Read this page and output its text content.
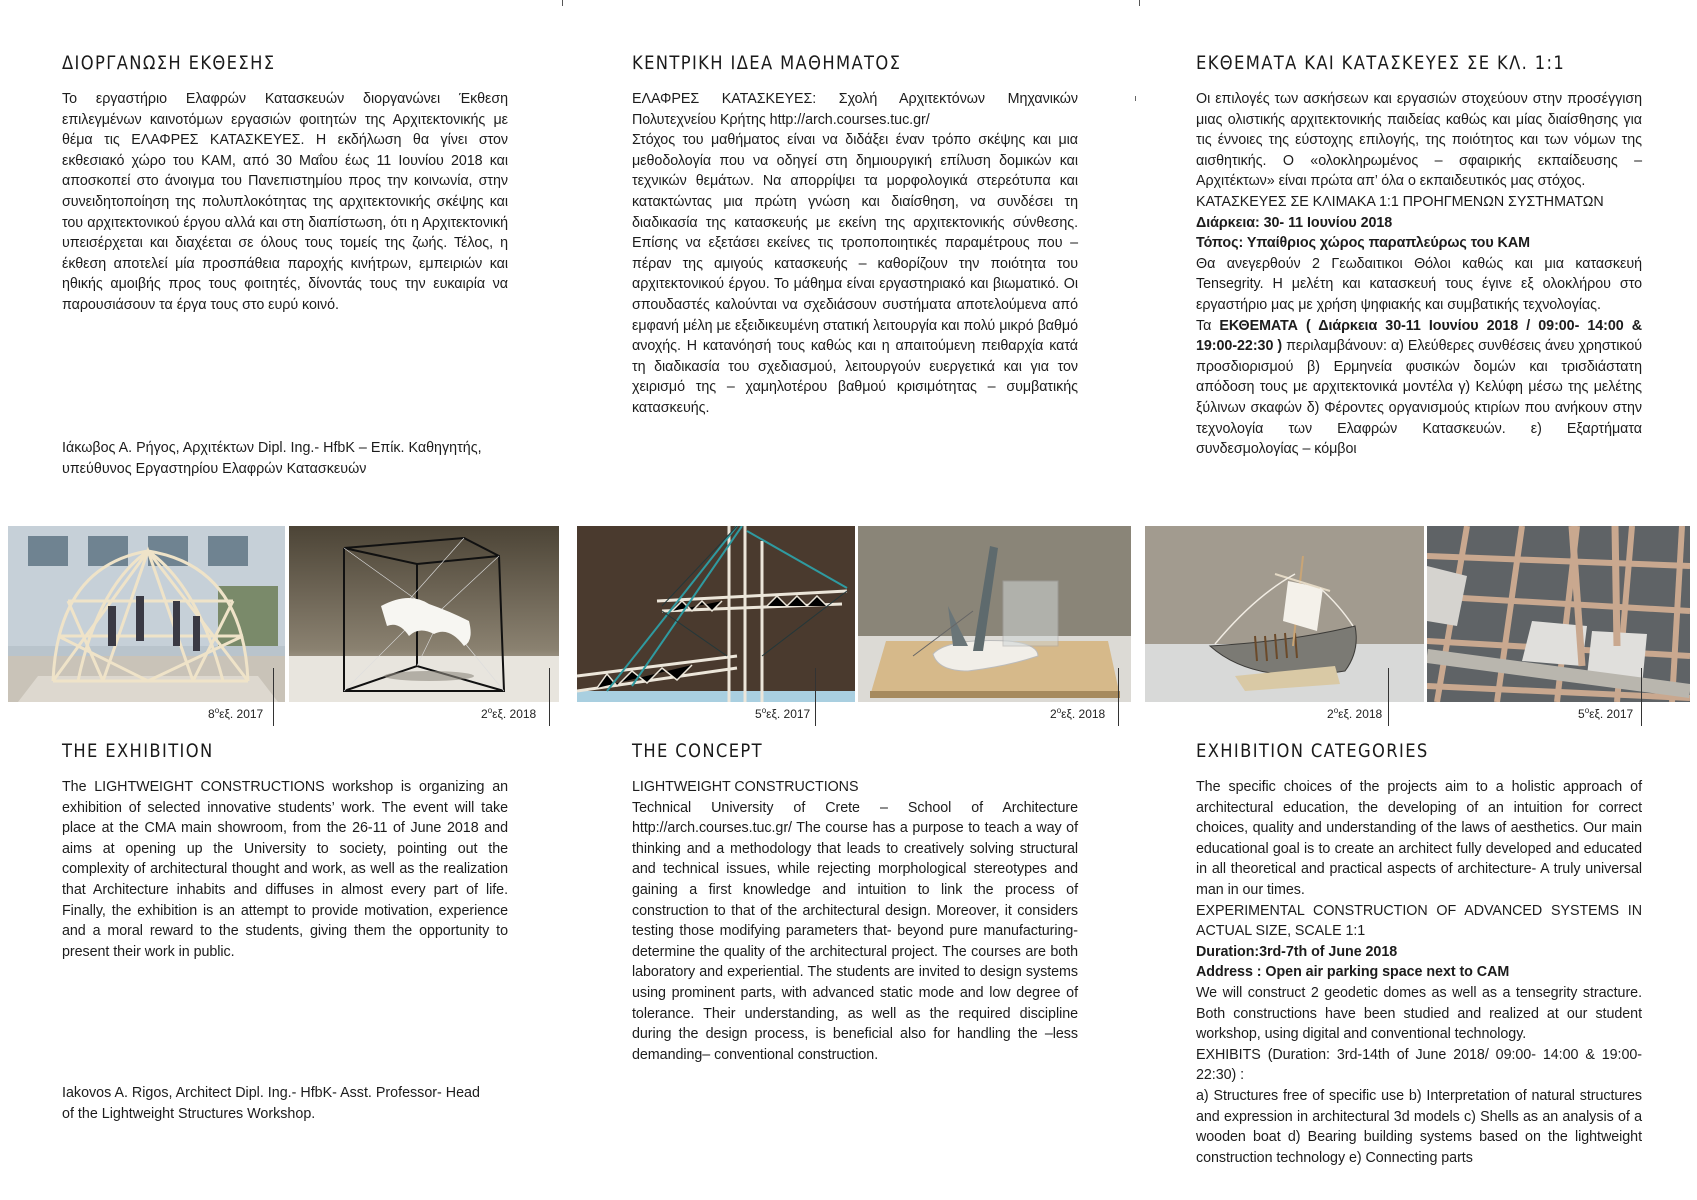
ΔΙΟΡΓΑΝΩΣΗ ΕΚΘΕΣΗΣ

Το εργαστήριο Ελαφρών Κατασκευών διοργανώνει Έκθεση επιλεγμένων καινοτόμων εργασιών φοιτητών της Αρχιτεκτονικής με θέμα τις ΕΛΑΦΡΕΣ ΚΑΤΑΣΚΕΥΕΣ. Η εκδήλωση θα γίνει στον εκθεσιακό χώρο του ΚΑΜ, από 30 Μαΐου έως 11 Ιουνίου 2018 και αποσκοπεί στο άνοιγμα του Πανεπιστημίου προς την κοινωνία, στην συνειδητοποίηση της πολυπλοκότητας της αρχιτεκτονικής σκέψης και του αρχιτεκτονικού έργου αλλά και στη διαπίστωση, ότι η Αρχιτεκτονική υπεισέρχεται και διαχέεται σε όλους τους τομείς της ζωής. Τέλος, η έκθεση αποτελεί μία προσπάθεια παροχής κινήτρων, εμπειριών και ηθικής αμοιβής προς τους φοιτητές, δίνοντάς τους την ευκαιρία να παρουσιάσουν τα έργα τους στο ευρύ κοινό.

Ιάκωβος Α. Ρήγος, Αρχιτέκτων Dipl. Ing.- HfbK – Επίκ. Καθηγητής,
υπεύθυνος Εργαστηρίου Ελαφρών Κατασκευών
ΚΕΝΤΡΙΚΗ ΙΔΕΑ ΜΑΘΗΜΑΤΟΣ

ΕΛΑΦΡΕΣ ΚΑΤΑΣΚΕΥΕΣ: Σχολή Αρχιτεκτόνων Μηχανικών Πολυτεχνείου Κρήτης http://arch.courses.tuc.gr/

Στόχος του μαθήματος είναι να διδάξει έναν τρόπο σκέψης και μια μεθοδολογία που να οδηγεί στη δημιουργική επίλυση δομικών και τεχνικών θεμάτων. Να απορρίψει τα μορφολογικά στερεότυπα και κατακτώντας μια πρώτη γνώση και διαίσθηση, να συνδέσει τη διαδικασία της κατασκευής με εκείνη της αρχιτεκτονικής σύνθεσης. Επίσης να εξετάσει εκείνες τις τροποποιητικές παραμέτρους που – πέραν της αμιγούς κατασκευής – καθορίζουν την ποιότητα του αρχιτεκτονικού έργου. Το μάθημα είναι εργαστηριακό και βιωματικό. Οι σπουδαστές καλούνται να σχεδιάσουν συστήματα αποτελούμενα από εμφανή μέλη με εξειδικευμένη στατική λειτουργία και πολύ μικρό βαθμό ανοχής. Η κατανόησή τους καθώς και η απαιτούμενη πειθαρχία κατά τη διαδικασία του σχεδιασμού, λειτουργούν ευεργετικά και για τον χειρισμό της – χαμηλοτέρου βαθμού κρισιμότητας – συμβατικής κατασκευής.

ΕΚΘΕΜΑΤΑ ΚΑΙ ΚΑΤΑΣΚΕΥΕΣ ΣΕ ΚΛ. 1:1

Οι επιλογές των ασκήσεων και εργασιών στοχεύουν στην προσέγγιση μιας ολιστικής αρχιτεκτονικής παιδείας καθώς και μίας διαίσθησης για τις έννοιες της εύστοχης επιλογής, της ποιότητος και των νόμων της αισθητικής. Ο «ολοκληρωμένος – σφαιρικής εκπαίδευσης – Αρχιτέκτων» είναι πρώτα απ’ όλα ο εκπαιδευτικός μας στόχος.

ΚΑΤΑΣΚΕΥΕΣ ΣΕ ΚΛΙΜΑΚΑ 1:1 ΠΡΟΗΓΜΕΝΩΝ ΣΥΣΤΗΜΑΤΩΝ

Διάρκεια: 30- 11 Ιουνίου 2018

Τόπος: Υπαίθριος χώρος παραπλεύρως του ΚΑΜ

Θα ανεγερθούν 2 Γεωδαιτικοι Θόλοι καθώς και μια κατασκευή Tensegrity. Η μελέτη και κατασκευή τους έγινε εξ ολοκλήρου στο εργαστήριο μας με χρήση ψηφιακής και συμβατικής τεχνολογίας.

Τα ΕΚΘΕΜΑΤΑ ( Διάρκεια 30-11 Ιουνίου 2018 / 09:00- 14:00 & 19:00-22:30 ) περιλαμβάνουν: α) Ελεύθερες συνθέσεις άνευ χρηστικού προσδιορισμού β) Ερμηνεία φυσικών δομών και τρισδιάστατη απόδοση τους με αρχιτεκτονικά μοντέλα γ) Κελύφη μέσω της μελέτης ξύλινων σκαφών δ) Φέροντες οργανισμούς κτιρίων που ανήκουν στην τεχνολογία των Ελαφρών Κατασκευών. ε) Εξαρτήματα συνδεσμολογίας – κόμβοι

$8^o\varepsilon\xi$. 2017	$2^o\varepsilon\xi$. 2018	$5^o\varepsilon\xi$. 2017	$2^o\varepsilon\xi$. 2018	$2^o\varepsilon\xi$. 2018	$5^o\varepsilon\xi$. 2017
THE EXHIBITION

The LIGHTWEIGHT CONSTRUCTIONS workshop is organizing an exhibition of selected innovative students’ work. The event will take place at the CMA main showroom, from the 26-11 of June 2018 and aims at opening up the University to society, pointing out the complexity of architectural thought and work, as well as the realization that Architecture inhabits and diffuses in almost every part of life. Finally, the exhibition is an attempt to provide motivation, experience and a moral reward to the students, giving them the opportunity to present their work in public.

Iakovos A. Rigos, Architect Dipl. Ing.- HfbK- Asst. Professor- Head
of the Lightweight Structures Workshop.
THE CONCEPT

LIGHTWEIGHT CONSTRUCTIONS

Technical University of Crete – School of Architecture http://arch.courses.tuc.gr/ The course has a purpose to teach a way of thinking and a methodology that leads to creatively solving structural and technical issues, while rejecting morphological stereotypes and gaining a first knowledge and intuition to link the process of construction to that of the architectural design. Moreover, it considers testing those modifying parameters that- beyond pure manufacturing- determine the quality of the architectural project. The courses are both laboratory and experiential. The students are invited to design systems using prominent parts, with advanced static mode and low degree of tolerance. Their understanding, as well as the required discipline during the design process, is beneficial also for handling the –less demanding– conventional construction.

EXHIBITION CATEGORIES

The specific choices of the projects aim to a holistic approach of architectural education, the developing of an intuition for correct choices, quality and understanding of the laws of aesthetics. Our main educational goal is to create an architect fully developed and educated in all theoretical and practical aspects of architecture- A truly universal man in our times.

EXPERIMENTAL CONSTRUCTION OF ADVANCED SYSTEMS IN ACTUAL SIZE, SCALE 1:1

Duration:3rd-7th of June 2018

Address : Open air parking space next to CAM

We will construct 2 geodetic domes as well as a tensegrity stracture. Both constructions have been studied and realized at our student workshop, using digital and conventional technology.

EXHIBITS (Duration: 3rd-14th of June 2018/ 09:00- 14:00 & 19:00-22:30) :

a) Structures free of specific use b) Interpretation of natural structures and expression in architectural 3d models c) Shells as an analysis of a wooden boat d) Bearing building systems based on the lightweight construction technology e) Connecting parts
